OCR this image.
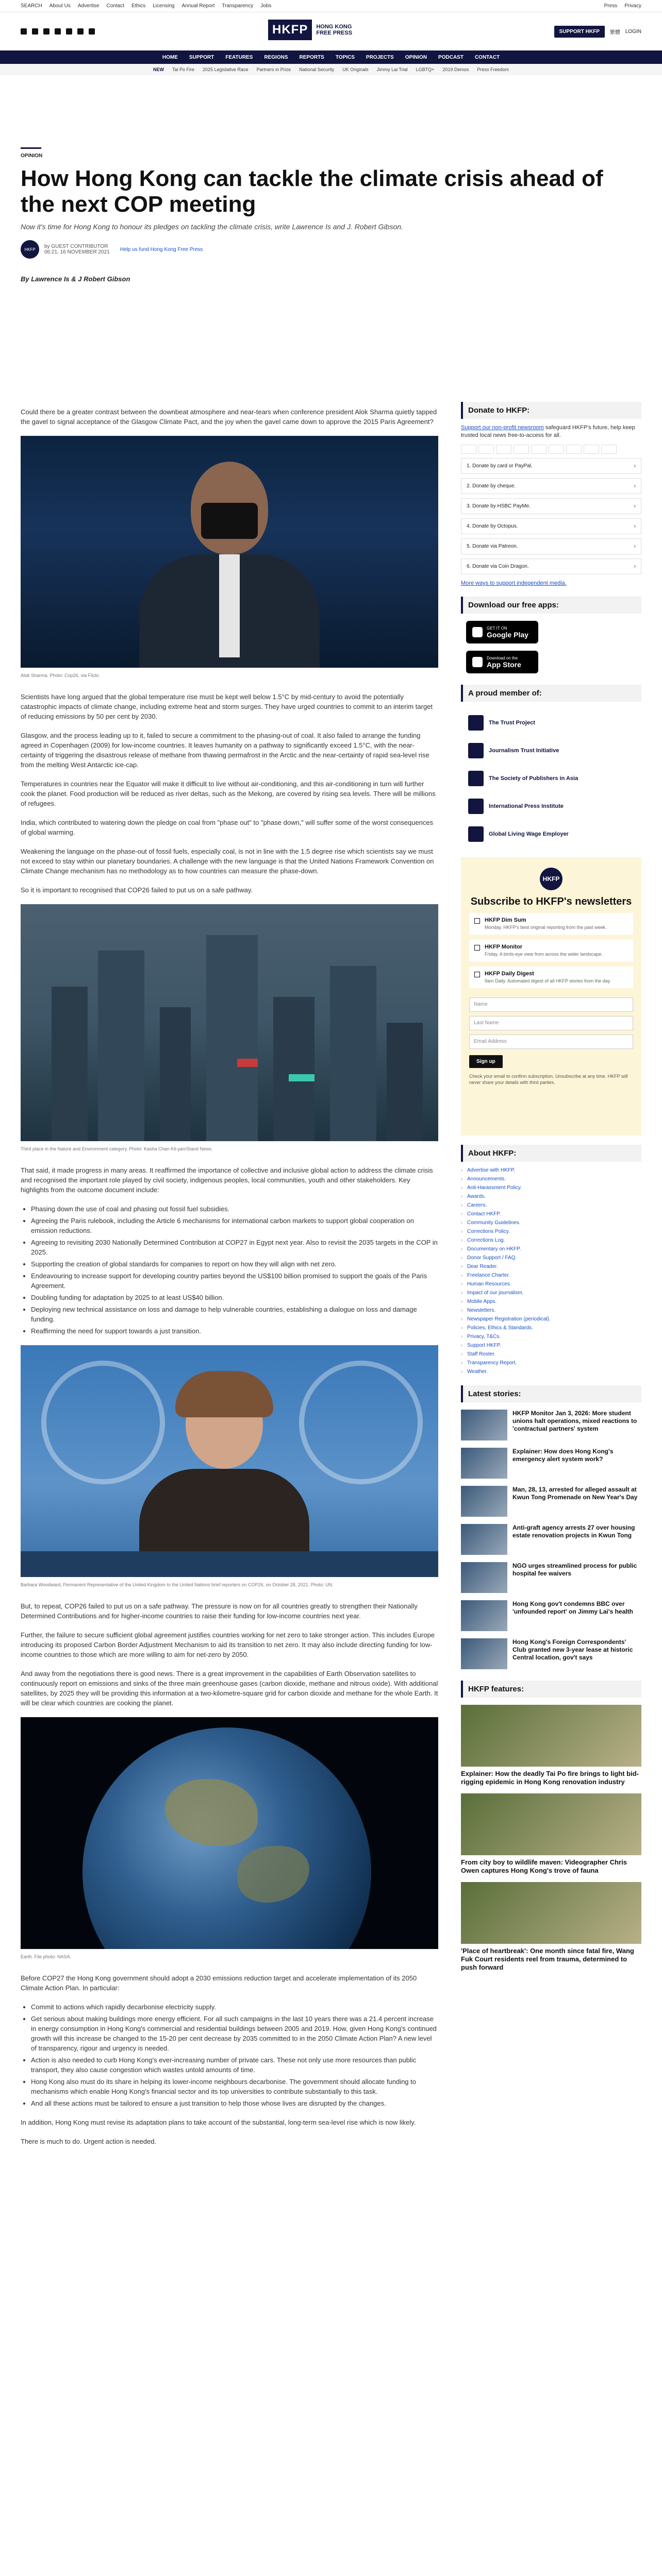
SEARCH About Us Advertise Contact Ethics Licensing Annual Report Transparency Jobs	Press Privacy
HKFP	HONG KONG
FREE PRESS	SUPPORT HKFP	繁體 LOGIN
HOME SUPPORT FEATURES REGIONS REPORTS TOPICS PROJECTS OPINION PODCAST CONTACT
NEW Tai Po Fire 2025 Legislative Race Partners in Prize National Security UK Originals Jimmy Lai Trial LGBTQ+ 2019 Demos Press Freedom
OPINION
How Hong Kong can tackle the climate crisis ahead of the next COP meeting
Now it's time for Hong Kong to honour its pledges on tackling the climate crisis, write Lawrence Is and J. Robert Gibson.
HKFP	by GUEST CONTRIBUTOR
06:21, 16 NOVEMBER 2021 Help us fund Hong Kong Free Press
By Lawrence Is & J Robert Gibson

Could there be a greater contrast between the downbeat atmosphere and near-tears when conference president Alok Sharma quietly tapped the gavel to signal acceptance of the Glasgow Climate Pact, and the joy when the gavel came down to approve the 2015 Paris Agreement?

Alok Sharma. Photo: Cop26, via Flickr.

Scientists have long argued that the global temperature rise must be kept well below 1.5°C by mid-century to avoid the potentially catastrophic impacts of climate change, including extreme heat and storm surges. They have urged countries to commit to an interim target of reducing emissions by 50 per cent by 2030.

Glasgow, and the process leading up to it, failed to secure a commitment to the phasing-out of coal. It also failed to arrange the funding agreed in Copenhagen (2009) for low-income countries. It leaves humanity on a pathway to significantly exceed 1.5°C, with the near-certainty of triggering the disastrous release of methane from thawing permafrost in the Arctic and the near-certainty of rapid sea-level rise from the melting West Antarctic ice-cap.

Temperatures in countries near the Equator will make it difficult to live without air-conditioning, and this air-conditioning in turn will further cook the planet. Food production will be reduced as river deltas, such as the Mekong, are covered by rising sea levels. There will be millions of refugees.

India, which contributed to watering down the pledge on coal from "phase out" to "phase down," will suffer some of the worst consequences of global warming.

Weakening the language on the phase-out of fossil fuels, especially coal, is not in line with the 1.5 degree rise which scientists say we must not exceed to stay within our planetary boundaries. A challenge with the new language is that the United Nations Framework Convention on Climate Change mechanism has no methodology as to how countries can measure the phase-down.

So it is important to recognised that COP26 failed to put us on a safe pathway.

Third place in the Nature and Environment category. Photo: Kasha Chan Kit-yan/Stand News.

That said, it made progress in many areas. It reaffirmed the importance of collective and inclusive global action to address the climate crisis and recognised the important role played by civil society, indigenous peoples, local communities, youth and other stakeholders. Key highlights from the outcome document include:

• Phasing down the use of coal and phasing out fossil fuel subsidies.
• Agreeing the Paris rulebook, including the Article 6 mechanisms for international carbon markets to support global cooperation on emission reductions.
• Agreeing to revisiting 2030 Nationally Determined Contribution at COP27 in Egypt next year. Also to revisit the 2035 targets in the COP in 2025.
• Supporting the creation of global standards for companies to report on how they will align with net zero.
• Endeavouring to increase support for developing country parties beyond the US$100 billion promised to support the goals of the Paris Agreement.
• Doubling funding for adaptation by 2025 to at least US$40 billion.
• Deploying new technical assistance on loss and damage to help vulnerable countries, establishing a dialogue on loss and damage funding.
• Reaffirming the need for support towards a just transition.
Barbara Woodward, Permanent Representative of the United Kingdom to the United Nations brief reporters on COP26, on October 28, 2021. Photo: UN.

But, to repeat, COP26 failed to put us on a safe pathway. The pressure is now on for all countries greatly to strengthen their Nationally Determined Contributions and for higher-income countries to raise their funding for low-income countries next year.

Further, the failure to secure sufficient global agreement justifies countries working for net zero to take stronger action. This includes Europe introducing its proposed Carbon Border Adjustment Mechanism to aid its transition to net zero. It may also include directing funding for low-income countries to those which are more willing to aim for net-zero by 2050.

And away from the negotiations there is good news. There is a great improvement in the capabilities of Earth Observation satellites to continuously report on emissions and sinks of the three main greenhouse gases (carbon dioxide, methane and nitrous oxide). With additional satellites, by 2025 they will be providing this information at a two-kilometre-square grid for carbon dioxide and methane for the whole Earth. It will be clear which countries are cooking the planet.

Earth. File photo: NASA.

Before COP27 the Hong Kong government should adopt a 2030 emissions reduction target and accelerate implementation of its 2050 Climate Action Plan. In particular:

• Commit to actions which rapidly decarbonise electricity supply.
• Get serious about making buildings more energy efficient. For all such campaigns in the last 10 years there was a 21.4 percent increase in energy consumption in Hong Kong's commercial and residential buildings between 2005 and 2019. How, given Hong Kong's continued growth will this increase be changed to the 15-20 per cent decrease by 2035 committed to in the 2050 Climate Action Plan? A new level of transparency, rigour and urgency is needed.
• Action is also needed to curb Hong Kong's ever-increasing number of private cars. These not only use more resources than public transport, they also cause congestion which wastes untold amounts of time.
• Hong Kong also must do its share in helping its lower-income neighbours decarbonise. The government should allocate funding to mechanisms which enable Hong Kong's financial sector and its top universities to contribute substantially to this task.
• And all these actions must be tailored to ensure a just transition to help those whose lives are disrupted by the changes.

In addition, Hong Kong must revise its adaptation plans to take account of the substantial, long-term sea-level rise which is now likely.

There is much to do. Urgent action is needed.

Donate to HKFP:

Support our non-profit newsroom safeguard HKFP's future, help keep trusted local news free-to-access for all.

1. Donate by card or PayPal.	›
2. Donate by cheque.	›
3. Donate by HSBC PayMe.	›
4. Donate by Octopus.	›
5. Donate via Patreon.	›
6. Donate via Coin Dragon.	›

More ways to support independent media.

Download our free apps:
GET IT ON
Google Play
Download on the
App Store
A proud member of:
The Trust Project
Journalism Trust Initiative
The Society of Publishers in Asia
International Press Institute
Global Living Wage Employer
HKFP
Subscribe to HKFP's newsletters
HKFP Dim Sum
Monday. HKFP's best original reporting from the past week.
HKFP Monitor
Friday. A birds-eye view from across the wider landscape.
HKFP Daily Digest
9am Daily. Automated digest of all HKFP stories from the day.
Name
Last Name
Email Address
Sign up
Check your email to confirm subscription. Unsubscribe at any time. HKFP will never share your details with third parties.
About HKFP:
› Advertise with HKFP.
› Announcements.
› Anti-Harassment Policy.
› Awards.
› Careers.
› Contact HKFP.
› Community Guidelines.
› Corrections Policy.
› Corrections Log.
› Documentary on HKFP.
› Donor Support / FAQ.
› Dear Reader.
› Freelance Charter.
› Human Resources.
› Impact of our journalism.
› Mobile Apps.
› Newsletters.
› Newspaper Registration (periodical).
› Policies, Ethics & Standards.
› Privacy, T&Cs.
› Support HKFP.
› Staff Roster.
› Transparency Report.
› Weather.
Latest stories:
HKFP Monitor Jan 3, 2026: More student unions halt operations, mixed reactions to 'contractual partners' system
Explainer: How does Hong Kong's emergency alert system work?
Man, 28, 13, arrested for alleged assault at Kwun Tong Promenade on New Year's Day
Anti-graft agency arrests 27 over housing estate renovation projects in Kwun Tong
NGO urges streamlined process for public hospital fee waivers
Hong Kong gov't condemns BBC over 'unfounded report' on Jimmy Lai's health
Hong Kong's Foreign Correspondents' Club granted new 3-year lease at historic Central location, gov't says
HKFP features:
Explainer: How the deadly Tai Po fire brings to light bid-rigging epidemic in Hong Kong renovation industry
From city boy to wildlife maven: Videographer Chris Owen captures Hong Kong's trove of fauna
'Place of heartbreak': One month since fatal fire, Wang Fuk Court residents reel from trauma, determined to push forward
